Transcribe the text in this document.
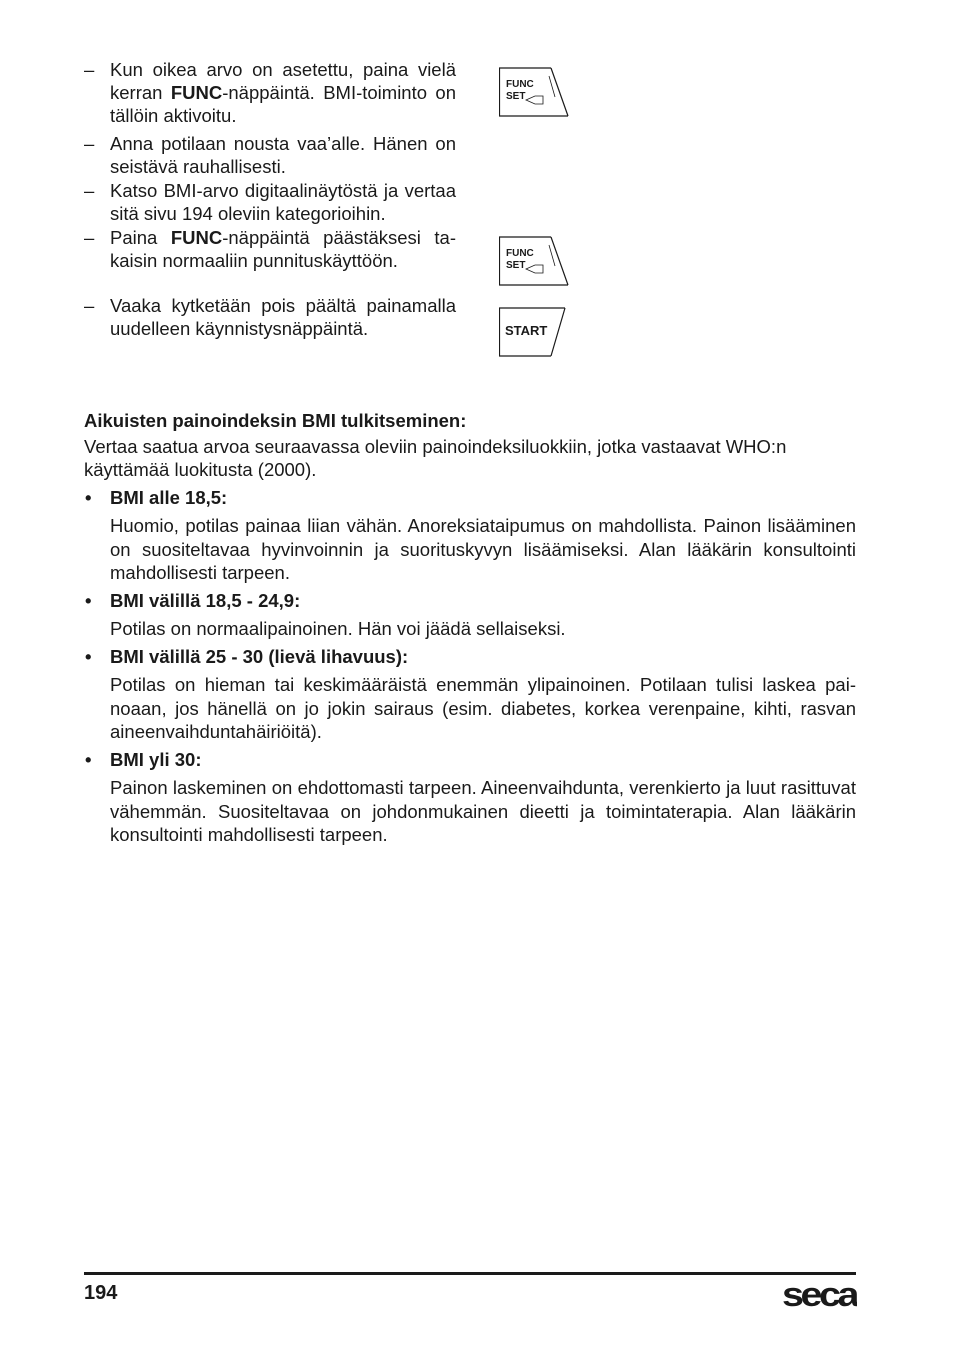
– Kun oikea arvo on asetettu, paina vielä kerran FUNC-näppäintä. BMI-toiminto on tällöin aktivoitu.
– Anna potilaan nousta vaa’alle. Hänen on seistävä rauhallisesti.
– Katso BMI-arvo digitaalinäytöstä ja vertaa sitä sivu 194 oleviin kategorioihin.
– Paina FUNC-näppäintä päästäksesi takaisin normaaliin punnituskäyttöön.
– Vaaka kytketään pois päältä painamalla uudelleen käynnistysnäppäintä.
FUNC
SET
FUNC
SET
START
Aikuisten painoindeksin BMI tulkitseminen:

Vertaa saatua arvoa seuraavassa oleviin painoindeksiluokkiin, jotka vastaavat WHO:n käyttämää luokitusta (2000).

• BMI alle 18,5:
Huomio, potilas painaa liian vähän. Anoreksiataipumus on mahdollista. Painon lisääminen on suositeltavaa hyvinvoinnin ja suorituskyvyn lisäämiseksi. Alan lääkärin konsultointi mahdollisesti tarpeen.
• BMI välillä 18,5 - 24,9:
Potilas on normaalipainoinen. Hän voi jäädä sellaiseksi.
• BMI välillä 25 - 30 (lievä lihavuus):
Potilas on hieman tai keskimääräistä enemmän ylipainoinen. Potilaan tulisi laskea painoaan, jos hänellä on jo jokin sairaus (esim. diabetes, korkea verenpaine, kihti, rasvan aineenvaihduntahäiriöitä).
• BMI yli 30:
Painon laskeminen on ehdottomasti tarpeen. Aineenvaihdunta, verenkierto ja luut rasittuvat vähemmän. Suositeltavaa on johdonmukainen dieetti ja toimintaterapia. Alan lääkärin konsultointi mahdollisesti tarpeen.
194	seca
